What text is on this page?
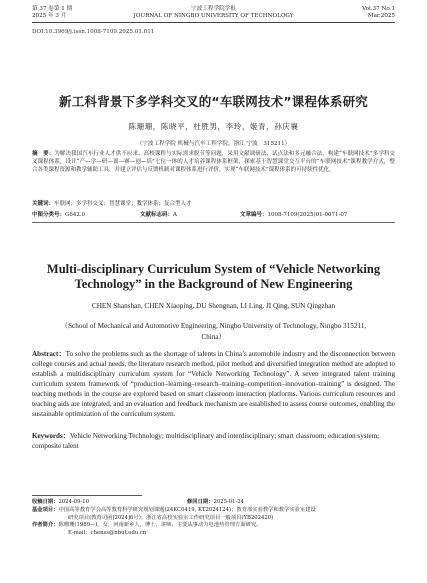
第 37 卷第 1 期
2025 年 3 月
宁波工程学院学报
JOURNAL OF NINGBO UNIVERSITY OF TECHNOLOGY
Vol.37 No.1
Mar.2025
DOI:10.3969/j.issn.1008-7109.2025.01.011
新工科背景下多学科交叉的“车联网技术”课程体系研究
陈珊珊，陈晓平，杜胜男，李玲，姬青，孙庆襄
（宁波工程学院 机械与汽车工程学院，浙江 宁波　315211）
摘　要：为解决我国汽车行业人才供不应求、高校课程与实际需求脱节等问题，采用文献调研法、试点法和多元融合法，构建“车联网技术”多学科交叉课程体系，设计“产—学—研—训—赛—创—培”七位一体的人才培养课程体系框架，探索基于智慧课堂交互平台的“车联网技术”课程教学方式，整合各类课程资源和教学辅助工具，并建立评估与反馈机制对课程体系进行评价，实现“车联网技术”课程体系的可持续性优化。
关键词：车联网；多学科交叉；智慧课堂；教学体系；复合型人才
中图分类号：G642.0	文献标志码：A	文章编号：1008-7109(2025)01-0071-07
Multi-disciplinary Curriculum System of “Vehicle Networking Technology” in the Background of New Engineering
CHEN Shanshan, CHEN Xiaoping, DU Shengnan, LI Ling, JI Qing, SUN Qingzhan
（School of Mechanical and Automotive Engineering, Ningbo University of Technology, Ningbo 315211, China）
Abstract：To solve the problems such as the shortage of talents in China’s automobile industry and the disconnection between college courses and actual needs, the literature research method, pilot method and diversified integration method are adopted to establish a multidisciplinary curriculum system for “Vehicle Networking Technology”. A seven integrated talent training curriculum system framework of “production–learning–research–training–competition–innovation–training” is designed. The teaching methods in the course are explored based on smart classroom interaction platforms. Various curriculum resources and teaching aids are integrated, and an evaluation and feedback mechanism are established to assess course outcomes, enabling the sustainable optimization of the curriculum system.
Keywords：Vehicle Networking Technology; multidisciplinary and interdisciplinary; smart classroom; education system; composite talent
收稿日期：2024-09-10	修回日期：2025-01-24
基金项目：中国高等教育学会高等教育科学研究规划课题(24KC0419, KT2024124)；教育部实验教学和教学实验室建设
研究项目(教育司函[2024]6号)；浙江省高校实验室工作研究项目一般项目(YB202420)
作者简介：陈珊珊(1989—)，女，河南新乡人，博士，讲师，主要从事动力电池热管理方面研究。
E-mail：chenss@nbut.edu.cn
